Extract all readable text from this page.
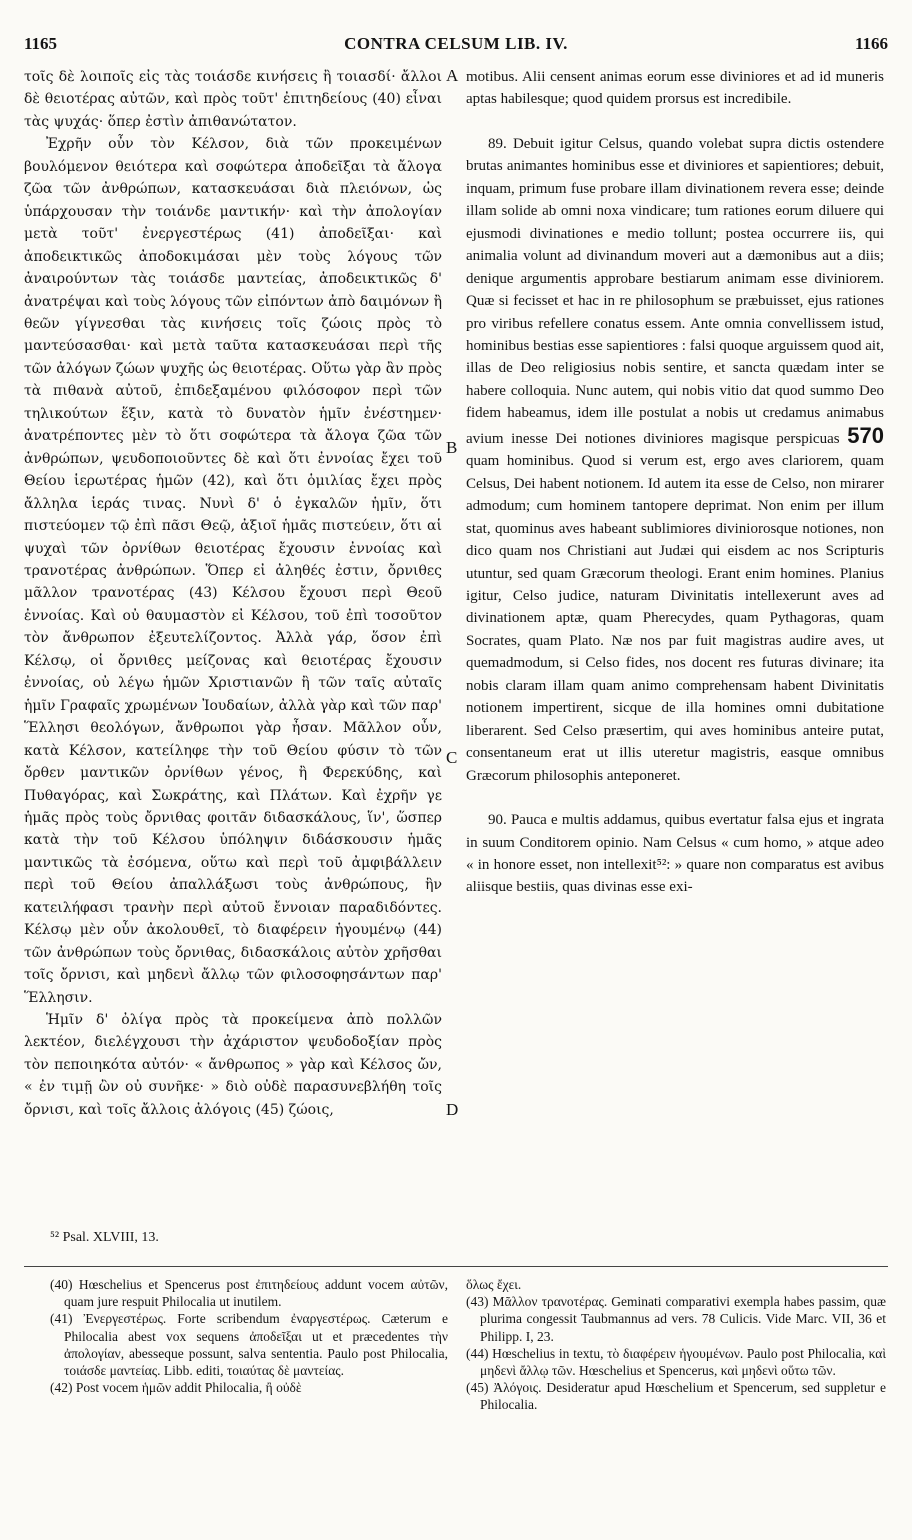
1165	CONTRA CELSUM LIB. IV.	1166

τοῖς δὲ λοιποῖς εἰς τὰς τοιάσδε κινήσεις ἢ τοιασδί· ἄλλοι δὲ θειοτέρας αὐτῶν, καὶ πρὸς τοῦτ' ἐπιτηδείους (40) εἶναι τὰς ψυχάς· ὅπερ ἐστὶν ἀπιθανώτατον.

Ἐχρῆν οὖν τὸν Κέλσον, διὰ τῶν προκειμένων βουλόμενον θειότερα καὶ σοφώτερα ἀποδεῖξαι τὰ ἄλογα ζῶα τῶν ἀνθρώπων, κατασκευάσαι διὰ πλειόνων, ὡς ὑπάρχουσαν τὴν τοιάνδε μαντικήν· καὶ τὴν ἀπολογίαν μετὰ τοῦτ' ἐνεργεστέρως (41) ἀποδεῖξαι· καὶ ἀποδεικτικῶς ἀποδοκιμάσαι μὲν τοὺς λόγους τῶν ἀναιρούντων τὰς τοιάσδε μαντείας, ἀποδεικτικῶς δ' ἀνατρέψαι καὶ τοὺς λόγους τῶν εἰπόντων ἀπὸ δαιμόνων ἢ θεῶν γίγνεσθαι τὰς κινήσεις τοῖς ζώοις πρὸς τὸ μαντεύσασθαι· καὶ μετὰ ταῦτα κατασκευάσαι περὶ τῆς τῶν ἀλόγων ζώων ψυχῆς ὡς θειοτέρας. Οὕτω γὰρ ἂν πρὸς τὰ πιθανὰ αὐτοῦ, ἐπιδεξαμένου φιλόσοφον περὶ τῶν τηλικούτων ἕξιν, κατὰ τὸ δυνατὸν ἡμῖν ἐνέστημεν· ἀνατρέποντες μὲν τὸ ὅτι σοφώτερα τὰ ἄλογα ζῶα τῶν ἀνθρώπων, ψευδοποιοῦντες δὲ καὶ ὅτι ἐννοίας ἔχει τοῦ Θείου ἱερωτέρας ἡμῶν (42), καὶ ὅτι ὁμιλίας ἔχει πρὸς ἄλληλα ἱεράς τινας. Νυνὶ δ' ὁ ἐγκαλῶν ἡμῖν, ὅτι πιστεύομεν τῷ ἐπὶ πᾶσι Θεῷ, ἀξιοῖ ἡμᾶς πιστεύειν, ὅτι αἱ ψυχαὶ τῶν ὀρνίθων θειοτέρας ἔχουσιν ἐννοίας καὶ τρανοτέρας ἀνθρώπων. Ὅπερ εἰ ἀληθές ἐστιν, ὄρνιθες μᾶλλον τρανοτέρας (43) Κέλσου ἔχουσι περὶ Θεοῦ ἐννοίας. Καὶ οὐ θαυμαστὸν εἰ Κέλσου, τοῦ ἐπὶ τοσοῦτον τὸν ἄνθρωπον ἐξευτελίζοντος. Ἀλλὰ γάρ, ὅσον ἐπὶ Κέλσῳ, οἱ ὄρνιθες μείζονας καὶ θειοτέρας ἔχουσιν ἐννοίας, οὐ λέγω ἡμῶν Χριστιανῶν ἢ τῶν ταῖς αὐταῖς ἡμῖν Γραφαῖς χρωμένων Ἰουδαίων, ἀλλὰ γὰρ καὶ τῶν παρ' Ἕλλησι θεολόγων, ἄνθρωποι γὰρ ἦσαν. Μᾶλλον οὖν, κατὰ Κέλσον, κατείληφε τὴν τοῦ Θείου φύσιν τὸ τῶν ὄρθεν μαντικῶν ὀρνίθων γένος, ἢ Φερεκύδης, καὶ Πυθαγόρας, καὶ Σωκράτης, καὶ Πλάτων. Καὶ ἐχρῆν γε ἡμᾶς πρὸς τοὺς ὄρνιθας φοιτᾶν διδασκάλους, ἵν', ὥσπερ κατὰ τὴν τοῦ Κέλσου ὑπόληψιν διδάσκουσιν ἡμᾶς μαντικῶς τὰ ἐσόμενα, οὕτω καὶ περὶ τοῦ ἀμφιβάλλειν περὶ τοῦ Θείου ἀπαλλάξωσι τοὺς ἀνθρώπους, ἣν κατειλήφασι τρανὴν περὶ αὐτοῦ ἔννοιαν παραδιδόντες. Κέλσῳ μὲν οὖν ἀκολουθεῖ, τὸ διαφέρειν ἡγουμένῳ (44) τῶν ἀνθρώπων τοὺς ὄρνιθας, διδασκάλοις αὐτὸν χρῆσθαι τοῖς ὄρνισι, καὶ μηδενὶ ἄλλῳ τῶν φιλοσοφησάντων παρ' Ἕλλησιν.

Ἡμῖν δ' ὀλίγα πρὸς τὰ προκείμενα ἀπὸ πολλῶν λεκτέον, διελέγχουσι τὴν ἀχάριστον ψευδοδοξίαν πρὸς τὸν πεποιηκότα αὐτόν· « ἄνθρωπος » γὰρ καὶ Κέλσος ὤν, « ἐν τιμῇ ὢν οὐ συνῆκε· » διὸ οὐδὲ παρασυνεβλήθη τοῖς ὄρνισι, καὶ τοῖς ἄλλοις ἀλόγοις (45) ζώοις,

A
B
C
D

motibus. Alii censent animas eorum esse diviniores et ad id muneris aptas habilesque; quod quidem prorsus est incredibile.

89. Debuit igitur Celsus, quando volebat supra dictis ostendere brutas animantes hominibus esse et diviniores et sapientiores; debuit, inquam, primum fuse probare illam divinationem revera esse; deinde illam solide ab omni noxa vindicare; tum rationes eorum diluere qui ejusmodi divinationes e medio tollunt; postea occurrere iis, qui animalia volunt ad divinandum moveri aut a dæmonibus aut a diis; denique argumentis approbare bestiarum animam esse diviniorem. Quæ si fecisset et hac in re philosophum se præbuisset, ejus rationes pro viribus refellere conatus essem. Ante omnia convellissem istud, hominibus bestias esse sapientiores : falsi quoque arguissem quod ait, illas de Deo religiosius nobis sentire, et sancta quædam inter se habere colloquia. Nunc autem, qui nobis vitio dat quod summo Deo fidem habeamus, idem ille postulat a nobis ut credamus animabus avium inesse Dei notiones diviniores magisque perspicuas 570 quam hominibus. Quod si verum est, ergo aves clariorem, quam Celsus, Dei habent notionem. Id autem ita esse de Celso, non mirarer admodum; cum hominem tantopere deprimat. Non enim per illum stat, quominus aves habeant sublimiores diviniorosque notiones, non dico quam nos Christiani aut Judæi qui eisdem ac nos Scripturis utuntur, sed quam Græcorum theologi. Erant enim homines. Planius igitur, Celso judice, naturam Divinitatis intellexerunt aves ad divinationem aptæ, quam Pherecydes, quam Pythagoras, quam Socrates, quam Plato. Næ nos par fuit magistras audire aves, ut quemadmodum, si Celso fides, nos docent res futuras divinare; ita nobis claram illam quam animo comprehensam habent Divinitatis notionem impertirent, sicque de illa homines omni dubitatione liberarent. Sed Celso præsertim, qui aves hominibus anteire putat, consentaneum erat ut illis uteretur magistris, easque omnibus Græcorum philosophis anteponeret.

90. Pauca e multis addamus, quibus evertatur falsa ejus et ingrata in suum Conditorem opinio. Nam Celsus « cum homo, » atque adeo « in honore esset, non intellexit⁵²: » quare non comparatus est avibus aliisque bestiis, quas divinas esse exi-

⁵² Psal. XLVIII, 13.

(40) Hœschelius et Spencerus post ἐπιτηδείους addunt vocem αὐτῶν, quam jure respuit Philocalia ut inutilem.

(41) Ἐνεργεστέρως. Forte scribendum ἐναργεστέρως. Cæterum e Philocalia abest vox sequens ἀποδεῖξαι ut et præcedentes τὴν ἀπολογίαν, abesseque possunt, salva sententia. Paulo post Philocalia, τοιάσδε μαντείας. Libb. editi, τοιαύτας δὲ μαντείας.

(42) Post vocem ἡμῶν addit Philocalia, ἢ οὐδὲ

ὅλως ἔχει.

(43) Μᾶλλον τρανοτέρας. Geminati comparativi exempla habes passim, quæ plurima congessit Taubmannus ad vers. 78 Culicis. Vide Marc. VII, 36 et Philipp. I, 23.

(44) Hœschelius in textu, τὸ διαφέρειν ἡγουμένων. Paulo post Philocalia, καὶ μηδενὶ ἄλλῳ τῶν. Hœschelius et Spencerus, καὶ μηδενὶ οὕτω τῶν.

(45) Ἀλόγοις. Desideratur apud Hœschelium et Spencerum, sed suppletur e Philocalia.
